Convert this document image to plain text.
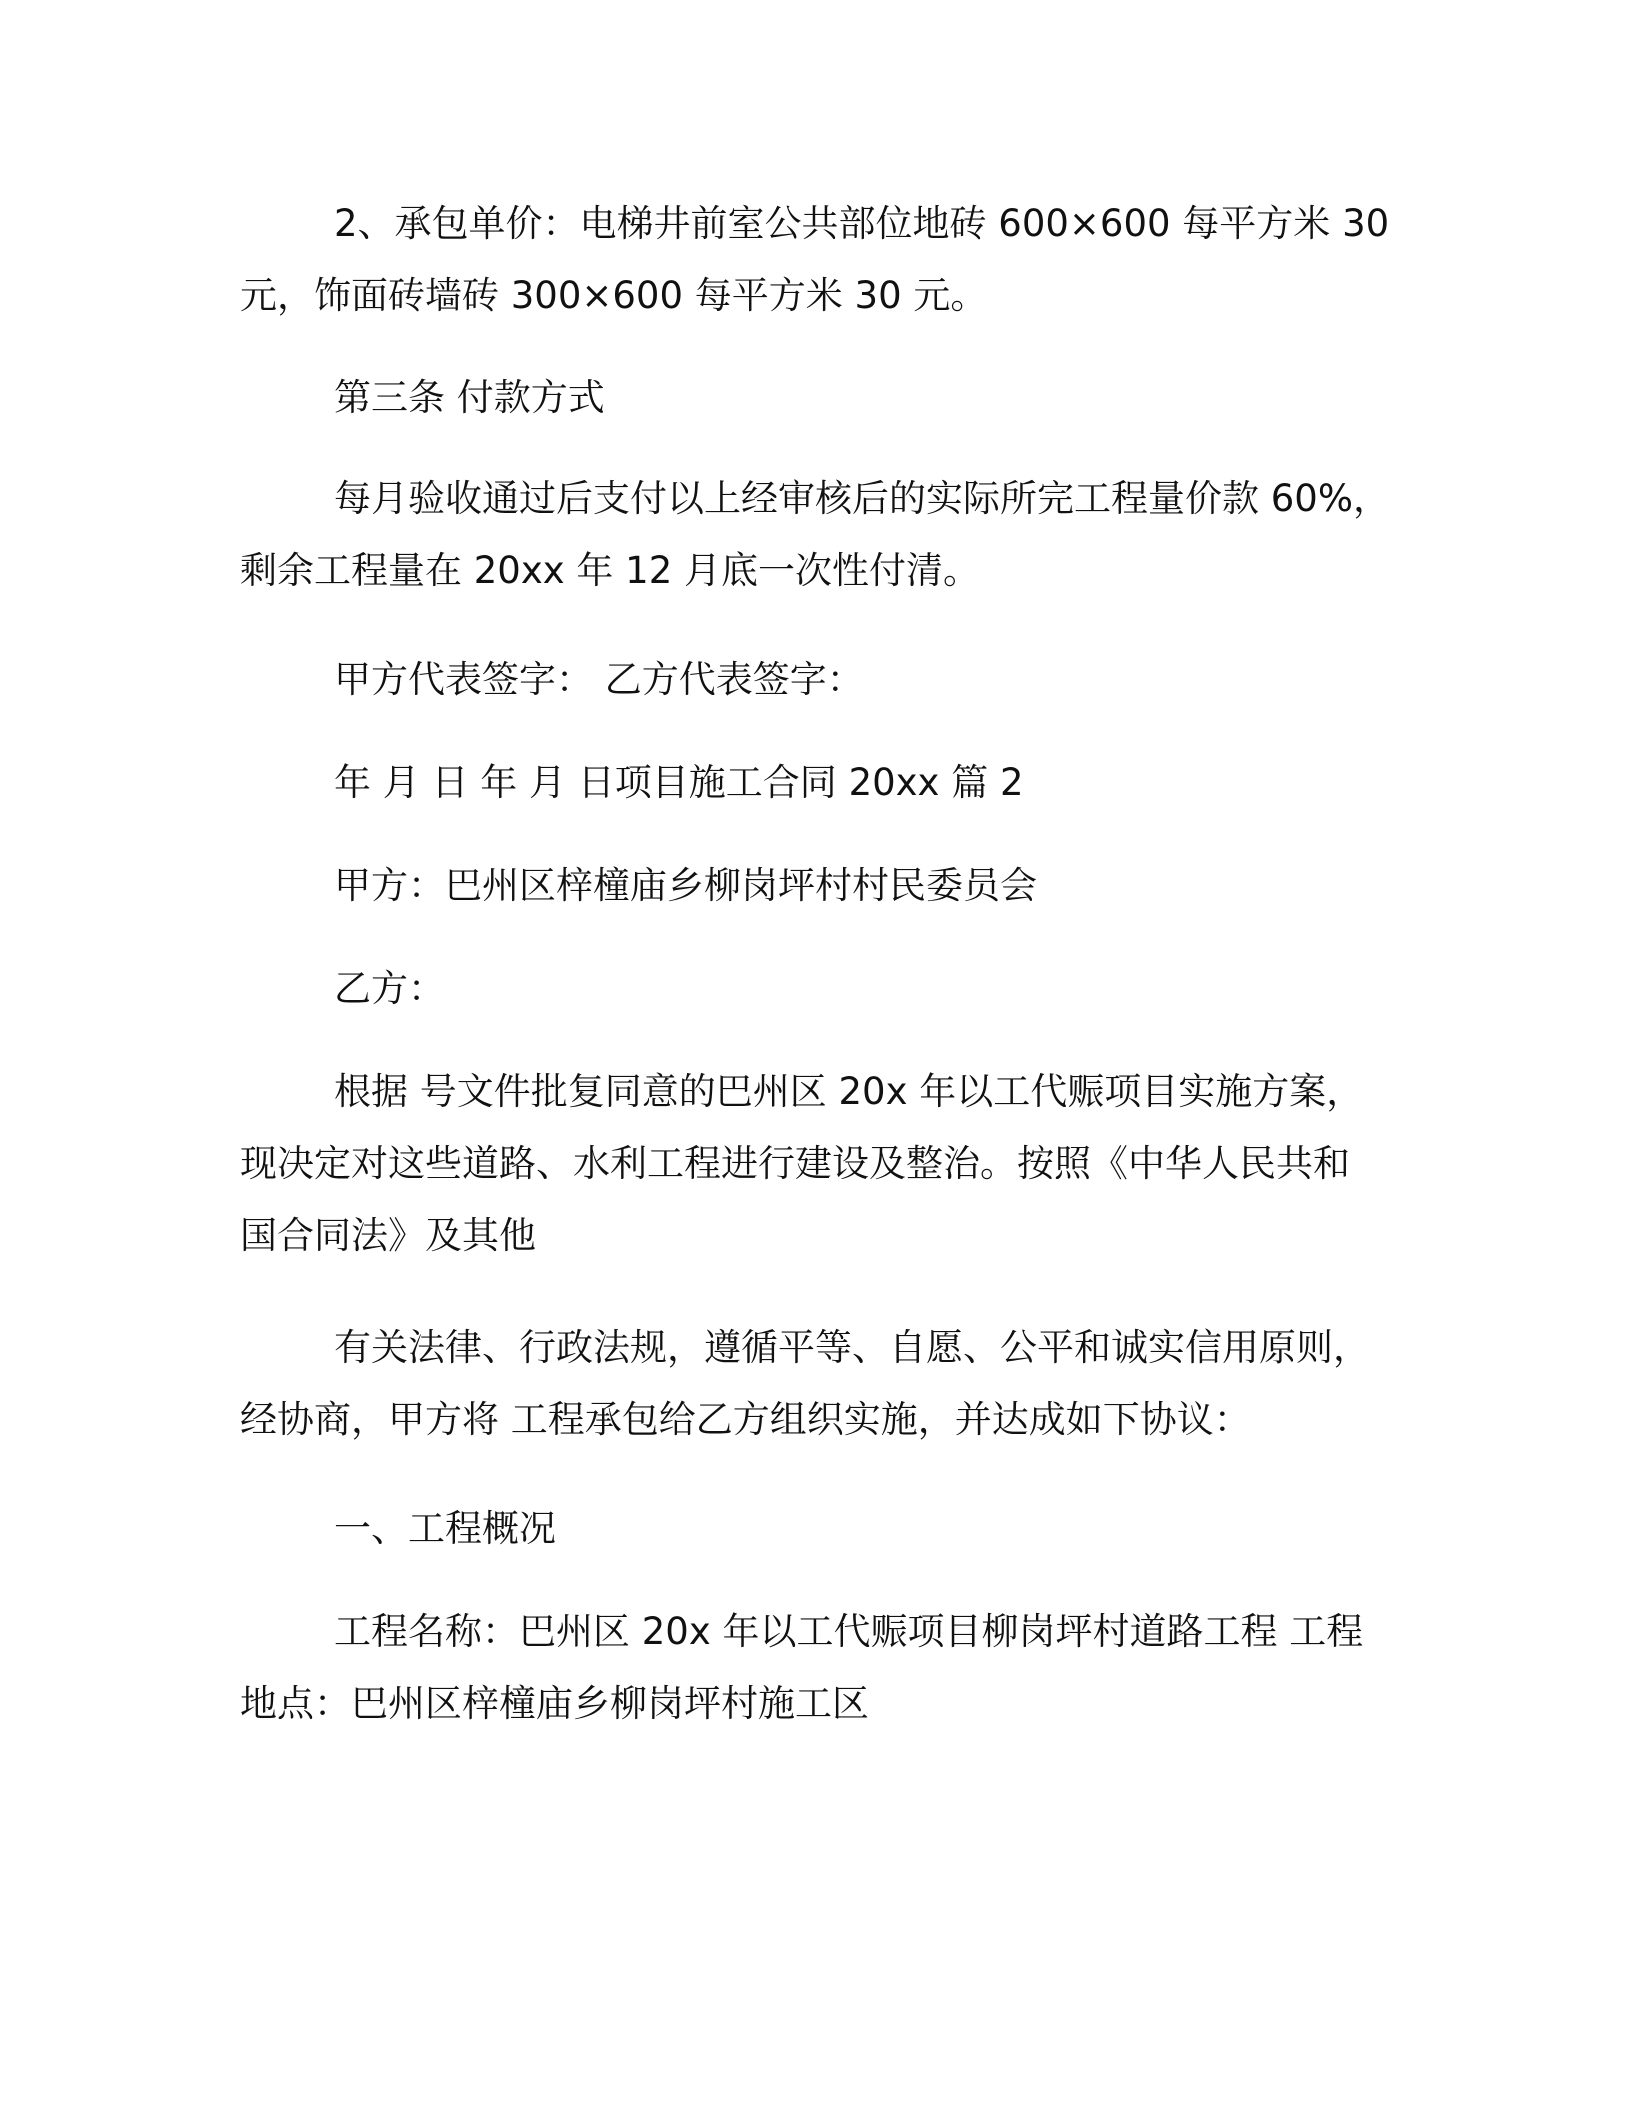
2、承包单价：电梯井前室公共部位地砖 600×600 每平方米 30
元，饰面砖墙砖 300×600 每平方米 30 元。
第三条 付款方式
每月验收通过后支付以上经审核后的实际所完工程量价款 60%，
剩余工程量在 20xx 年 12 月底一次性付清。
甲方代表签字： 乙方代表签字：
年 月 日 年 月 日项目施工合同 20xx 篇 2
甲方：巴州区梓橦庙乡柳岗坪村村民委员会
乙方：
根据 号文件批复同意的巴州区 20x 年以工代赈项目实施方案，
现决定对这些道路、水利工程进行建设及整治。按照《中华人民共和
国合同法》及其他
有关法律、行政法规，遵循平等、自愿、公平和诚实信用原则，
经协商，甲方将 工程承包给乙方组织实施，并达成如下协议：
一、工程概况
工程名称：巴州区 20x 年以工代赈项目柳岗坪村道路工程 工程
地点：巴州区梓橦庙乡柳岗坪村施工区
